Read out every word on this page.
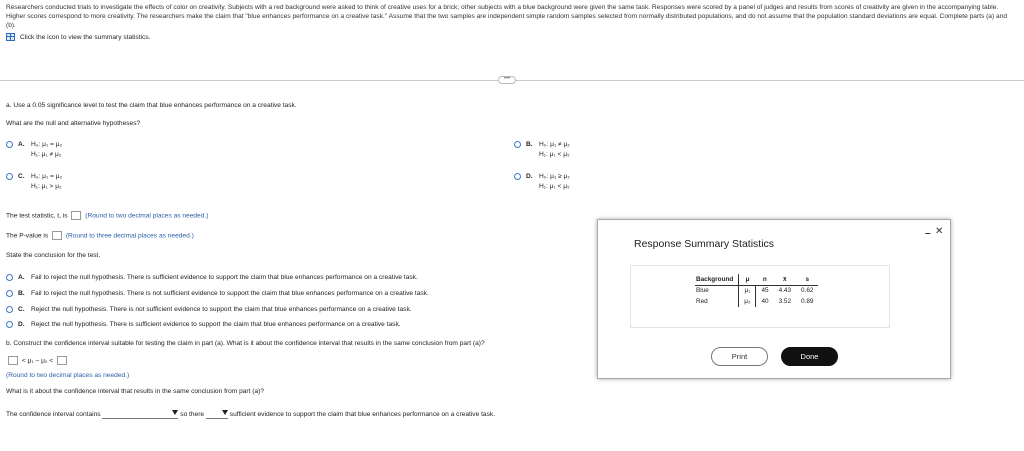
Researchers conducted trials to investigate the effects of color on creativity. Subjects with a red background were asked to think of creative uses for a brick; other subjects with a blue background were given the same task. Responses were scored by a panel of judges and results from scores of creativity are given in the accompanying table. Higher scores correspond to more creativity. The researchers make the claim that "blue enhances performance on a creative task." Assume that the two samples are independent simple random samples selected from normally distributed populations, and do not assume that the population standard deviations are equal. Complete parts (a) and (b).
Click the icon to view the summary statistics.
•••
a. Use a 0.05 significance level to test the claim that blue enhances performance on a creative task.
What are the null and alternative hypotheses?
A. H₀: μ₁ = μ₂
H₁: μ₁ ≠ μ₂
B. H₀: μ₁ ≠ μ₂
H₁: μ₁ < μ₂
C. H₀: μ₁ = μ₂
H₁: μ₁ > μ₂
D. H₀: μ₁ ≥ μ₂
H₁: μ₁ < μ₂
The test statistic, t, is	(Round to two decimal places as needed.)
The P-value is	(Round to three decimal places as needed.)
State the conclusion for the test.
A. Fail to reject the null hypothesis. There is sufficient evidence to support the claim that blue enhances performance on a creative task.
B. Fail to reject the null hypothesis. There is not sufficient evidence to support the claim that blue enhances performance on a creative task.
C. Reject the null hypothesis. There is not sufficient evidence to support the claim that blue enhances performance on a creative task.
D. Reject the null hypothesis. There is sufficient evidence to support the claim that blue enhances performance on a creative task.
b. Construct the confidence interval suitable for testing the claim in part (a). What is it about the confidence interval that results in the same conclusion from part (a)?
< μ₁ − μ₂ <
(Round to two decimal places as needed.)
What is it about the confidence interval that results in the same conclusion from part (a)?
The confidence interval contains	so there	sufficient evidence to support the claim that blue enhances performance on a creative task.
Response Summary Statistics
– ✕
Background	μ	n	x̄	s
Blue	μ₁	45	4.43	0.62
Red	μ₂	40	3.52	0.89
Print	Done
